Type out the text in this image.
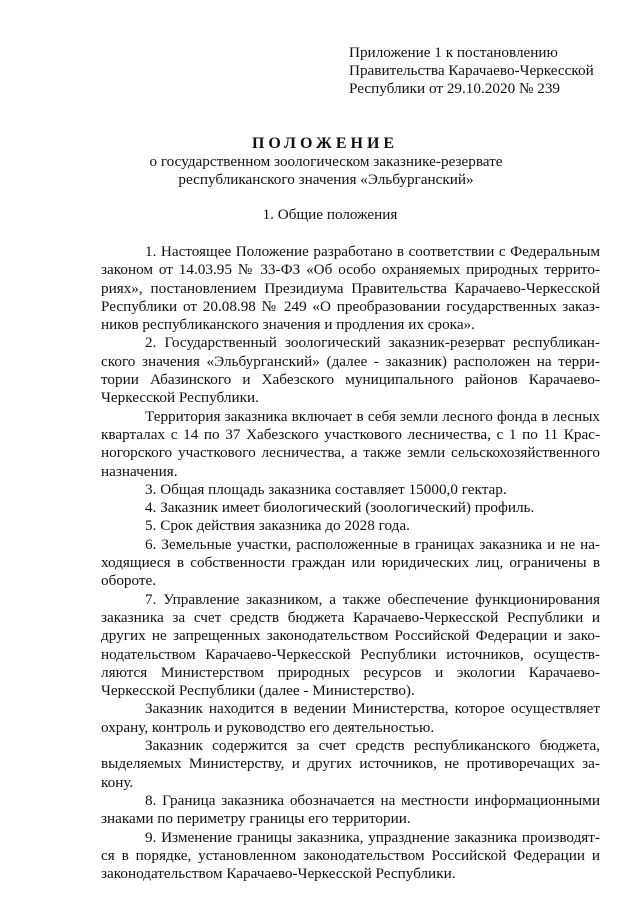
Приложение 1 к постановлению
Правительства Карачаево-Черкесской
Республики от 29.10.2020 № 239
ПОЛОЖЕНИЕ
о государственном зоологическом заказнике-резервате
республиканского значения «Эльбурганский»
1. Общие положения
1. Настоящее Положение разработано в соответствии с Федеральным
законом от 14.03.95 № 33-ФЗ «Об особо охраняемых природных террито-
риях», постановлением Президиума Правительства Карачаево-Черкесской
Республики от 20.08.98 № 249 «О преобразовании государственных заказ-
ников республиканского значения и продления их срока».
2. Государственный зоологический заказник-резерват республикан-
ского значения «Эльбурганский» (далее - заказник) расположен на терри-
тории Абазинского и Хабезского муниципального районов Карачаево-
Черкесской Республики.
Территория заказника включает в себя земли лесного фонда в лесных
кварталах с 14 по 37 Хабезского участкового лесничества, с 1 по 11 Крас-
ногорского участкового лесничества, а также земли сельскохозяйственного
назначения.
3. Общая площадь заказника составляет 15000,0 гектар.
4. Заказник имеет биологический (зоологический) профиль.
5. Срок действия заказника до 2028 года.
6. Земельные участки, расположенные в границах заказника и не на-
ходящиеся в собственности граждан или юридических лиц, ограничены в
обороте.
7. Управление заказником, а также обеспечение функционирования
заказника за счет средств бюджета Карачаево-Черкесской Республики и
других не запрещенных законодательством Российской Федерации и зако-
нодательством Карачаево-Черкесской Республики источников, осуществ-
ляются Министерством природных ресурсов и экологии Карачаево-
Черкесской Республики (далее - Министерство).
Заказник находится в ведении Министерства, которое осуществляет
охрану, контроль и руководство его деятельностью.
Заказник содержится за счет средств республиканского бюджета,
выделяемых Министерству, и других источников, не противоречащих за-
кону.
8. Граница заказника обозначается на местности информационными
знаками по периметру границы его территории.
9. Изменение границы заказника, упразднение заказника производят-
ся в порядке, установленном законодательством Российской Федерации и
законодательством Карачаево-Черкесской Республики.
